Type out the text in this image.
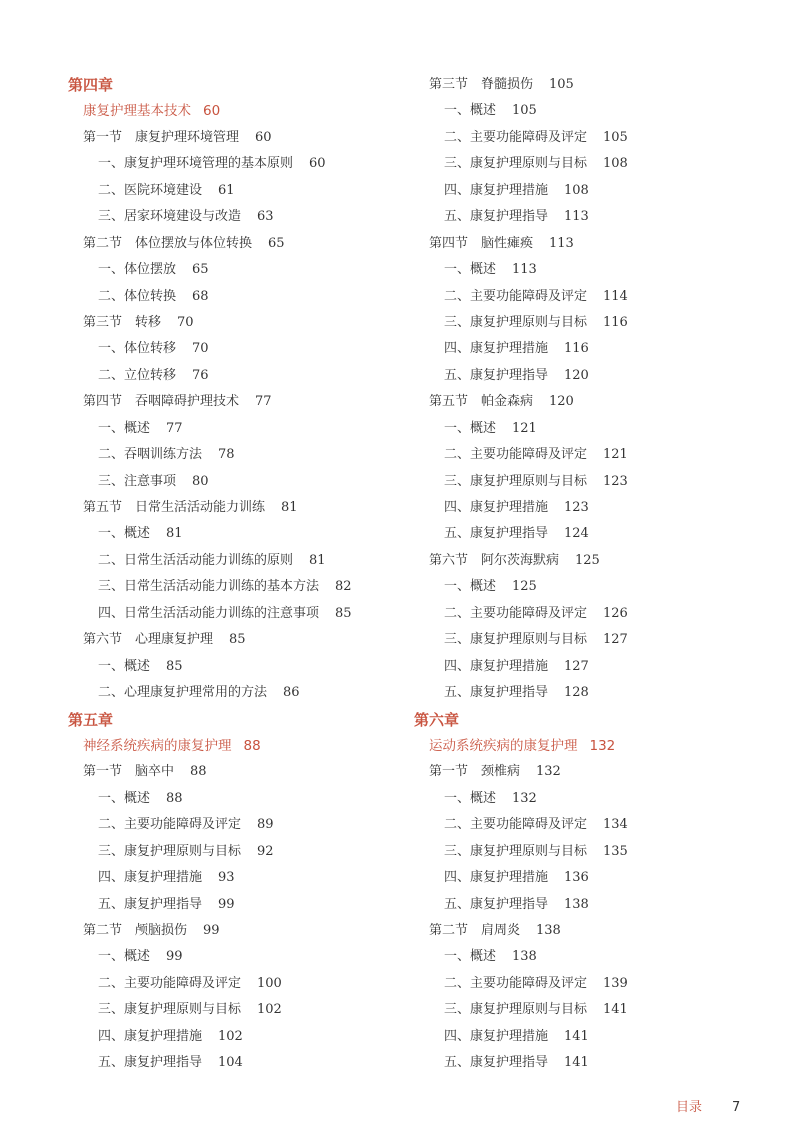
第四章
康复护理基本技术 60
第一节　康复护理环境管理 60
一、康复护理环境管理的基本原则 60
二、医院环境建设 61
三、居家环境建设与改造 63
第二节　体位摆放与体位转换 65
一、体位摆放 65
二、体位转换 68
第三节　转移 70
一、体位转移 70
二、立位转移 76
第四节　吞咽障碍护理技术 77
一、概述 77
二、吞咽训练方法 78
三、注意事项 80
第五节　日常生活活动能力训练 81
一、概述 81
二、日常生活活动能力训练的原则 81
三、日常生活活动能力训练的基本方法 82
四、日常生活活动能力训练的注意事项 85
第六节　心理康复护理 85
一、概述 85
二、心理康复护理常用的方法 86
第五章
神经系统疾病的康复护理 88
第一节　脑卒中 88
一、概述 88
二、主要功能障碍及评定 89
三、康复护理原则与目标 92
四、康复护理措施 93
五、康复护理指导 99
第二节　颅脑损伤 99
一、概述 99
二、主要功能障碍及评定 100
三、康复护理原则与目标 102
四、康复护理措施 102
五、康复护理指导 104
第三节　脊髓损伤 105
一、概述 105
二、主要功能障碍及评定 105
三、康复护理原则与目标 108
四、康复护理措施 108
五、康复护理指导 113
第四节　脑性瘫痪 113
一、概述 113
二、主要功能障碍及评定 114
三、康复护理原则与目标 116
四、康复护理措施 116
五、康复护理指导 120
第五节　帕金森病 120
一、概述 121
二、主要功能障碍及评定 121
三、康复护理原则与目标 123
四、康复护理措施 123
五、康复护理指导 124
第六节　阿尔茨海默病 125
一、概述 125
二、主要功能障碍及评定 126
三、康复护理原则与目标 127
四、康复护理措施 127
五、康复护理指导 128
第六章
运动系统疾病的康复护理 132
第一节　颈椎病 132
一、概述 132
二、主要功能障碍及评定 134
三、康复护理原则与目标 135
四、康复护理措施 136
五、康复护理指导 138
第二节　肩周炎 138
一、概述 138
二、主要功能障碍及评定 139
三、康复护理原则与目标 141
四、康复护理措施 141
五、康复护理指导 141
目录 7
